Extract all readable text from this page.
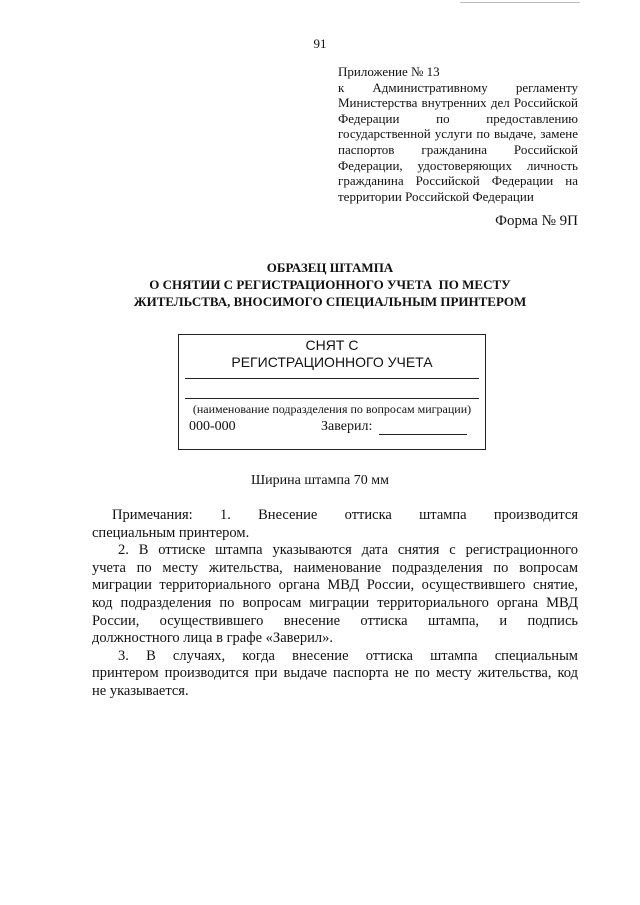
91
Приложение № 13
к Административному регламенту
Министерства внутренних дел Российской
Федерации по предоставлению
государственной услуги по выдаче, замене
паспортов гражданина Российской
Федерации, удостоверяющих личность
гражданина Российской Федерации на
территории Российской Федерации
Форма № 9П
ОБРАЗЕЦ ШТАМПА
О СНЯТИИ С РЕГИСТРАЦИОННОГО УЧЕТА  ПО МЕСТУ
ЖИТЕЛЬСТВА, ВНОСИМОГО СПЕЦИАЛЬНЫМ ПРИНТЕРОМ
СНЯТ С
РЕГИСТРАЦИОННОГО УЧЕТА
(наименование подразделения по вопросам миграции)
000-000	Заверил:
Ширина штампа 70 мм
Примечания: 1. Внесение оттиска штампа производится
специальным принтером.
2. В оттиске штампа указываются дата снятия с регистрационного
учета по месту жительства, наименование подразделения по вопросам
миграции территориального органа МВД России, осуществившего снятие,
код подразделения по вопросам миграции территориального органа МВД
России, осуществившего внесение оттиска штампа, и подпись
должностного лица в графе «Заверил».
3. В случаях, когда внесение оттиска штампа специальным
принтером производится при выдаче паспорта не по месту жительства, код
не указывается.
